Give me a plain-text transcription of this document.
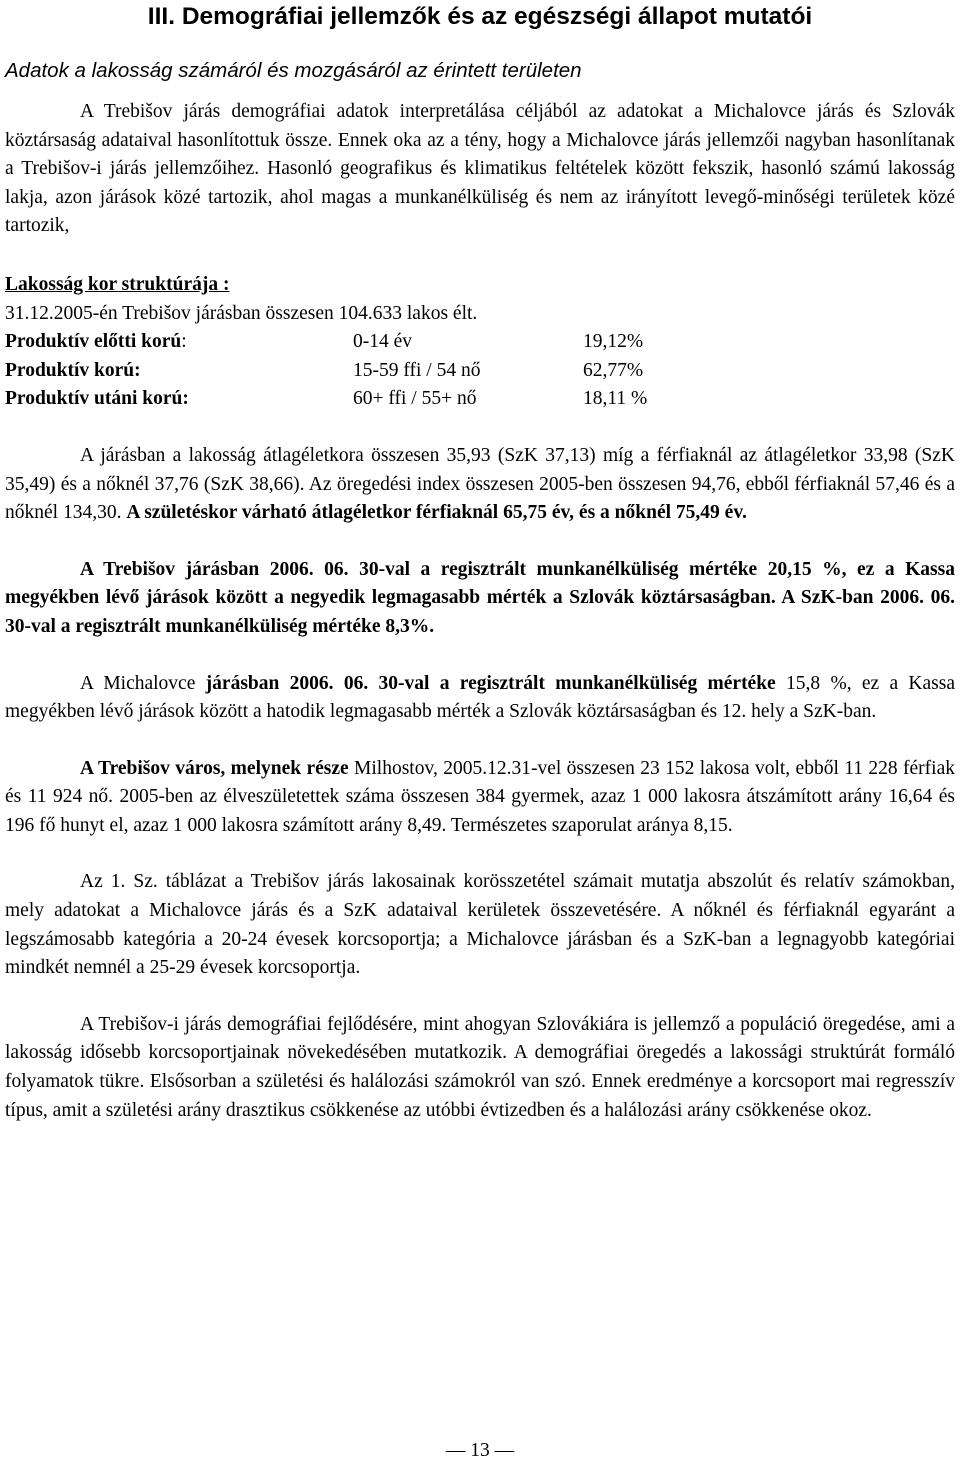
III. Demográfiai jellemzők és az egészségi állapot mutatói
Adatok a lakosság számáról és mozgásáról az érintett területen

A Trebišov járás demográfiai adatok interpretálása céljából az adatokat a Michalovce járás és Szlovák köztársaság adataival hasonlítottuk össze. Ennek oka az a tény, hogy a Michalovce járás jellemzői nagyban hasonlítanak a Trebišov-i járás jellemzőihez. Hasonló geografikus és klimatikus feltételek között fekszik, hasonló számú lakosság lakja, azon járások közé tartozik, ahol magas a munkanélküliség és nem az irányított levegő-minőségi területek közé tartozik,

Lakosság kor struktúrája :

31.12.2005-én Trebišov járásban összesen 104.633 lakos élt.

Produktív előtti korú:	0-14 év	19,12%
Produktív korú:	15-59 ffi / 54 nő	62,77%
Produktív utáni korú:	60+ ffi / 55+ nő	18,11 %

A járásban a lakosság átlagéletkora összesen 35,93 (SzK 37,13) míg a férfiaknál az átlagéletkor 33,98 (SzK 35,49) és a nőknél 37,76 (SzK 38,66). Az öregedési index összesen 2005-ben összesen 94,76, ebből férfiaknál 57,46 és a nőknél 134,30. A születéskor várható átlagéletkor férfiaknál 65,75 év, és a nőknél 75,49 év.

A Trebišov járásban 2006. 06. 30-val a regisztrált munkanélküliség mértéke 20,15 %, ez a Kassa megyékben lévő járások között a negyedik legmagasabb mérték a Szlovák köztársaságban. A SzK-ban 2006. 06. 30-val a regisztrált munkanélküliség mértéke 8,3%.

A Michalovce járásban 2006. 06. 30-val a regisztrált munkanélküliség mértéke 15,8 %, ez a Kassa megyékben lévő járások között a hatodik legmagasabb mérték a Szlovák köztársaságban és 12. hely a SzK-ban.

A Trebišov város, melynek része Milhostov, 2005.12.31-vel összesen 23 152 lakosa volt, ebből 11 228 férfiak és 11 924 nő. 2005-ben az élveszületettek száma összesen 384 gyermek, azaz 1 000 lakosra átszámított arány 16,64 és 196 fő hunyt el, azaz 1 000 lakosra számított arány 8,49. Természetes szaporulat aránya 8,15.

Az 1. Sz. táblázat a Trebišov járás lakosainak korösszetétel számait mutatja abszolút és relatív számokban, mely adatokat a Michalovce járás és a SzK adataival kerületek összevetésére. A nőknél és férfiaknál egyaránt a legszámosabb kategória a 20-24 évesek korcsoportja; a Michalovce járásban és a SzK-ban a legnagyobb kategóriai mindkét nemnél a 25-29 évesek korcsoportja.

A Trebišov-i járás demográfiai fejlődésére, mint ahogyan Szlovákiára is jellemző a populáció öregedése, ami a lakosság idősebb korcsoportjainak növekedésében mutatkozik. A demográfiai öregedés a lakossági struktúrát formáló folyamatok tükre. Elsősorban a születési és halálozási számokról van szó. Ennek eredménye a korcsoport mai regresszív típus, amit a születési arány drasztikus csökkenése az utóbbi évtizedben és a halálozási arány csökkenése okoz.

— 13 —
